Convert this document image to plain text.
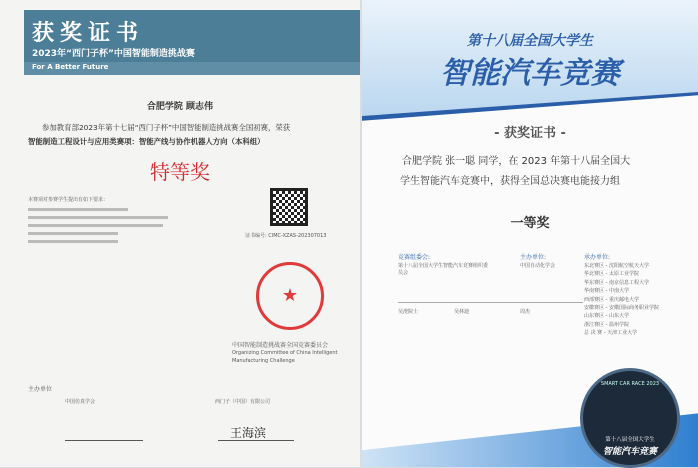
获奖证书
2023年“西门子杯”中国智能制造挑战赛
For A Better Future
合肥学院 顾志伟
参加教育部2023年第十七届“西门子杯”中国智能制造挑战赛全国初赛，荣获
智能制造工程设计与应用类赛项：智能产线与协作机器人方向（本科组）
特等奖
本赛项对参赛学生提出有如下要求：
证书编号: CIMC-XZAS-202307013
★
中国智能制造挑战赛全国竞赛委员会
Organizing Committee of China Intelligent
Manufacturing Challenge
主办单位
中国仿真学会	西门子（中国）有限公司
王海滨
第十八届全国大学生
智能汽车竞赛
- 获奖证书 -
合肥学院 张一聪 同学，在 2023 年第十八届全国大
学生智能汽车竞赛中，获得全国总决赛电能接力组
一等奖
竞赛组委会:
第十八届全国大学生智能汽车竞赛组织委员会
主办单位:
中国自动化学会
吴澄院士	吴林迪	周杰
承办单位:
东北赛区 - 沈阳航空航天大学
华北赛区 - 太原工业学院
华东赛区 - 南京信息工程大学
华南赛区 - 中南大学
西部赛区 - 重庆邮电大学
安徽赛区 - 安徽国际商务职业学院
山东赛区 - 山东大学
浙江赛区 - 温州学院
总 决 赛 - 天津工业大学
SMART CAR RACE 2023
第十八届全国大学生
智能汽车竞赛
